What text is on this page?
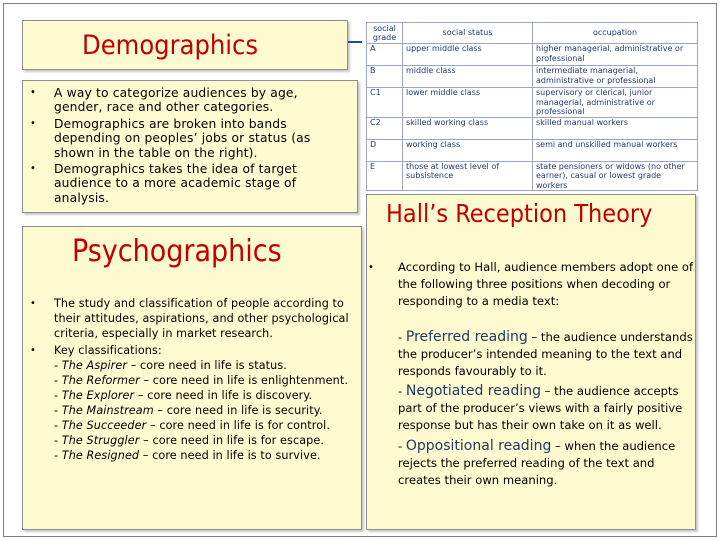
Demographics
• A way to categorize audiences by age, gender, race and other categories.
• Demographics are broken into bands depending on peoples’ jobs or status (as shown in the table on the right).
• Demographics takes the idea of target audience to a more academic stage of analysis.
Psychographics
• The study and classification of people according to their attitudes, aspirations, and other psychological criteria, especially in market research.
• Key classifications:
- The Aspirer – core need in life is status.
- The Reformer – core need in life is enlightenment.
- The Explorer – core need in life is discovery.
- The Mainstream – core need in life is security.
- The Succeeder – core need in life is for control.
- The Struggler – core need in life is for escape.
- The Resigned – core need in life is to survive.
Hall’s Reception Theory
• According to Hall, audience members adopt one of the following three positions when decoding or responding to a media text:
- Preferred reading – the audience understands the producer’s intended meaning to the text and responds favourably to it.
- Negotiated reading – the audience accepts part of the producer’s views with a fairly positive response but has their own take on it as well.
- Oppositional reading – when the audience rejects the preferred reading of the text and creates their own meaning.
social grade	social status	occupation
A	upper middle class	higher managerial, administrative or professional
B	middle class	intermediate managerial, administrative or professional
C1	lower middle class	supervisory or clerical, junior managerial, administrative or professional
C2	skilled working class	skilled manual workers
D	working class	semi and unskilled manual workers
E	those at lowest level of subsistence	state pensioners or widows (no other earner), casual or lowest grade workers
